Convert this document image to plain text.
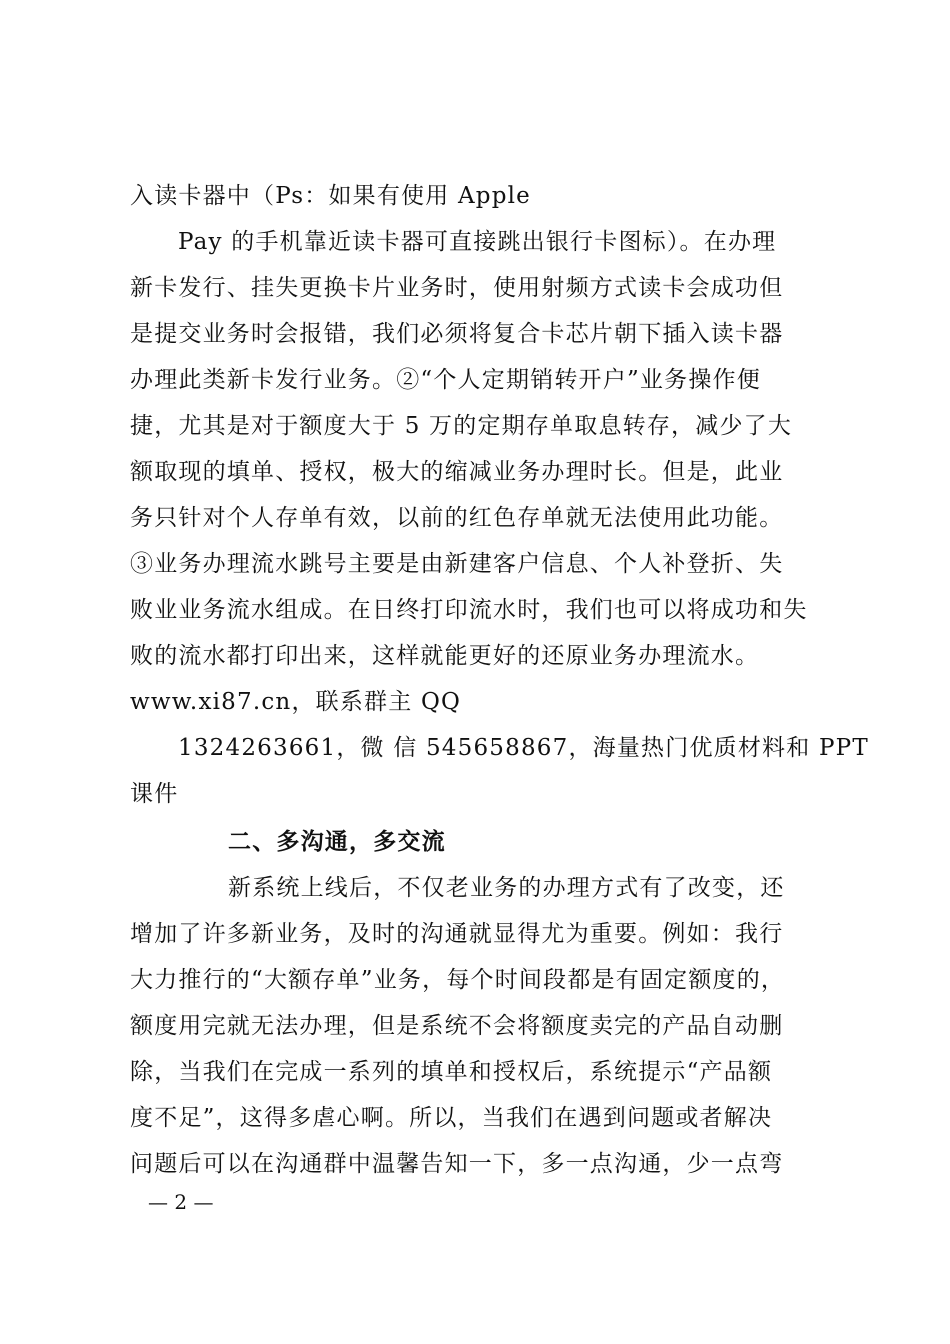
入读卡器中（Ps：如果有使用 Apple
Pay 的手机靠近读卡器可直接跳出银行卡图标）。在办理
新卡发行、挂失更换卡片业务时，使用射频方式读卡会成功但
是提交业务时会报错，我们必须将复合卡芯片朝下插入读卡器
办理此类新卡发行业务。②“个人定期销转开户”业务操作便
捷，尤其是对于额度大于 5 万的定期存单取息转存，减少了大
额取现的填单、授权，极大的缩减业务办理时长。但是，此业
务只针对个人存单有效，以前的红色存单就无法使用此功能。
③业务办理流水跳号主要是由新建客户信息、个人补登折、失
败业业务流水组成。在日终打印流水时，我们也可以将成功和失
败的流水都打印出来，这样就能更好的还原业务办理流水。
www.xi87.cn，联系群主 QQ
1324263661，微 信 545658867，海量热门优质材料和 PPT
课件
二、多沟通，多交流
新系统上线后，不仅老业务的办理方式有了改变，还
增加了许多新业务，及时的沟通就显得尤为重要。例如：我行
大力推行的“大额存单”业务，每个时间段都是有固定额度的，
额度用完就无法办理，但是系统不会将额度卖完的产品自动删
除，当我们在完成一系列的填单和授权后，系统提示“产品额
度不足”，这得多虐心啊。所以，当我们在遇到问题或者解决
问题后可以在沟通群中温馨告知一下，多一点沟通，少一点弯
— 2 —
